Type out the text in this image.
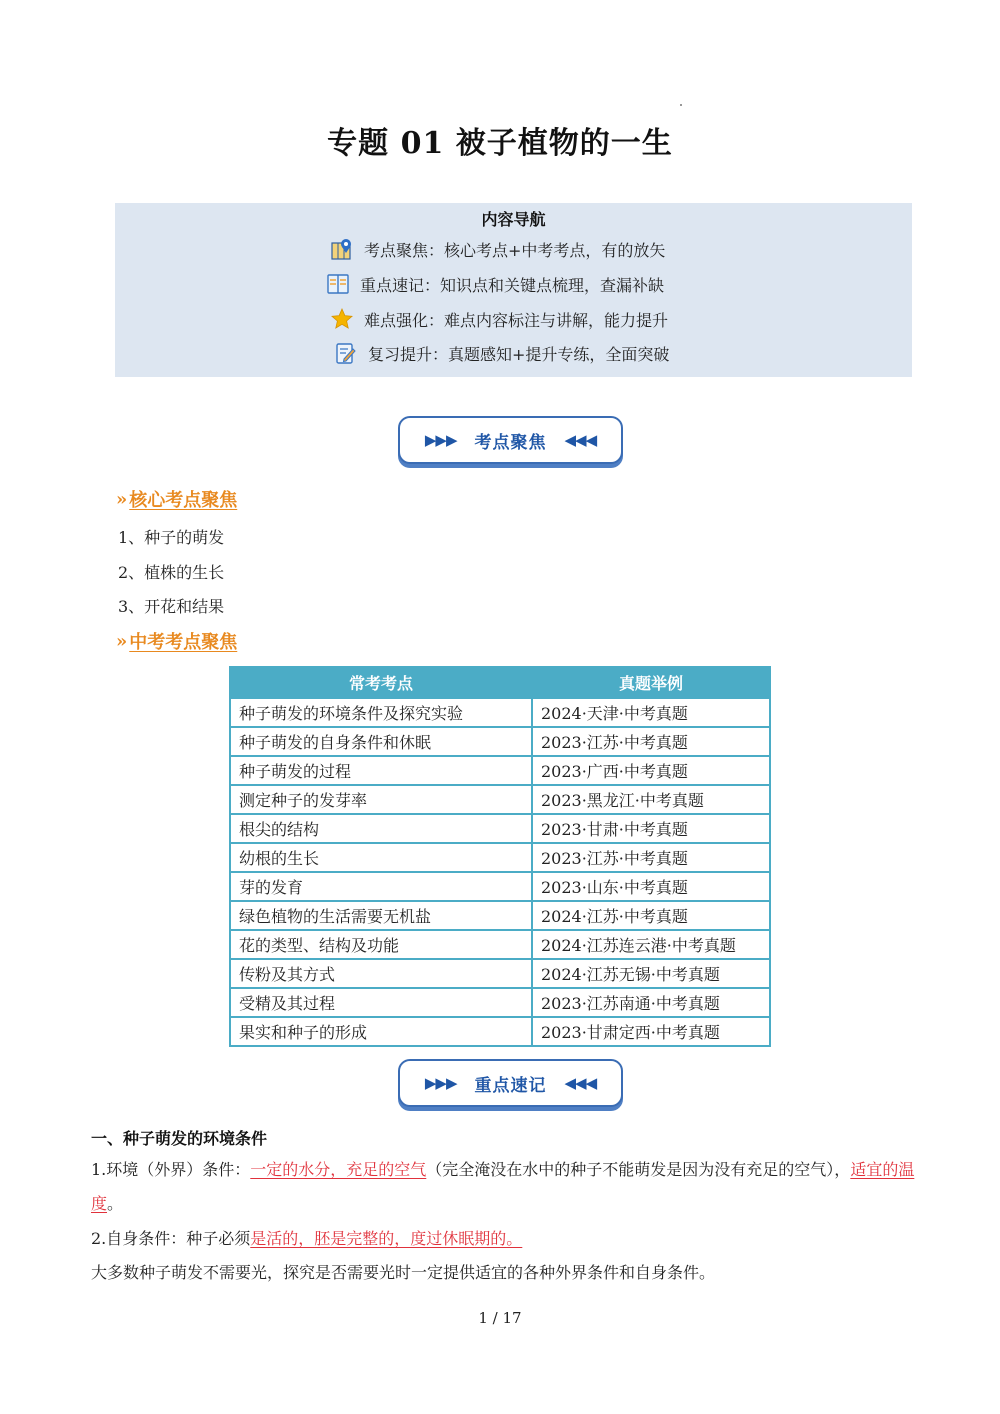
专题 01 被子植物的一生
内容导航
考点聚焦：核心考点+中考考点，有的放矢
重点速记：知识点和关键点梳理，查漏补缺
难点强化：难点内容标注与讲解，能力提升
复习提升：真题感知+提升专练，全面突破
▶▶▶ 考点聚焦 ◀◀◀
» 核心考点聚焦
1、种子的萌发
2、植株的生长
3、开花和结果
» 中考考点聚焦
常考考点	真题举例
种子萌发的环境条件及探究实验	2024·天津·中考真题
种子萌发的自身条件和休眠	2023·江苏·中考真题
种子萌发的过程	2023·广西·中考真题
测定种子的发芽率	2023·黑龙江·中考真题
根尖的结构	2023·甘肃·中考真题
幼根的生长	2023·江苏·中考真题
芽的发育	2023·山东·中考真题
绿色植物的生活需要无机盐	2024·江苏·中考真题
花的类型、结构及功能	2024·江苏连云港·中考真题
传粉及其方式	2024·江苏无锡·中考真题
受精及其过程	2023·江苏南通·中考真题
果实和种子的形成	2023·甘肃定西·中考真题
▶▶▶ 重点速记 ◀◀◀
一、种子萌发的环境条件
1.环境（外界）条件：一定的水分，充足的空气（完全淹没在水中的种子不能萌发是因为没有充足的空气），适宜的温度。
2.自身条件：种子必须是活的，胚是完整的，度过休眠期的。
大多数种子萌发不需要光，探究是否需要光时一定提供适宜的各种外界条件和自身条件。
1 / 17
